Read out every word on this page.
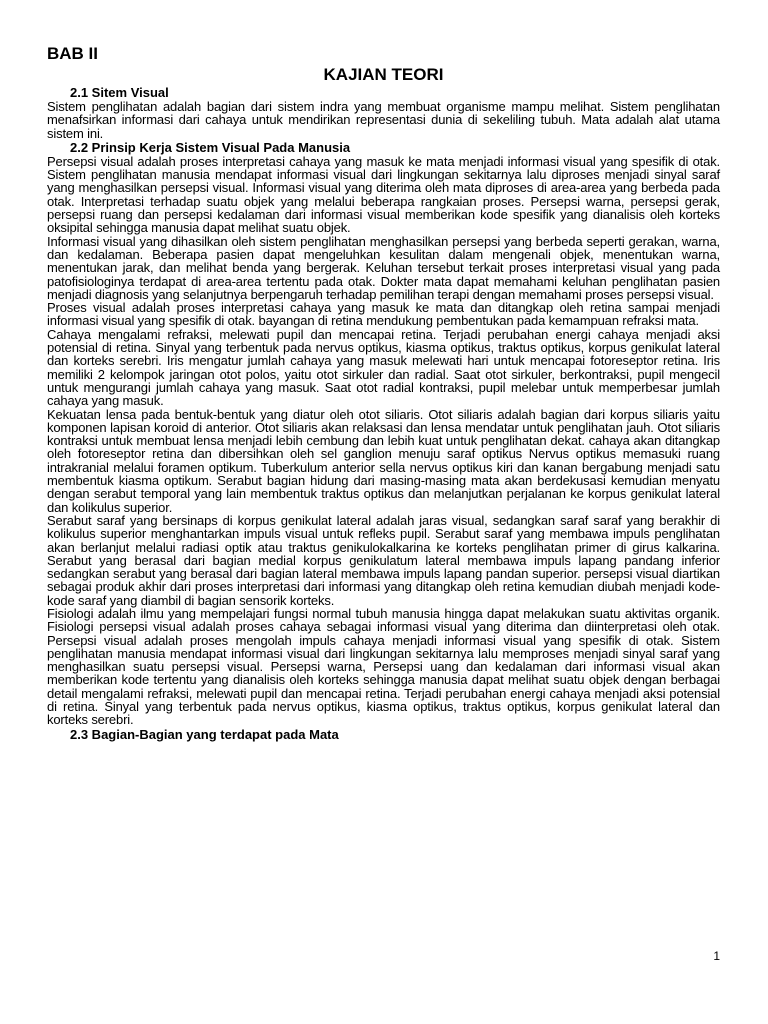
BAB II
KAJIAN TEORI
2.1 Sitem Visual

Sistem penglihatan adalah bagian dari sistem indra yang membuat organisme mampu melihat. Sistem penglihatan menafsirkan informasi dari cahaya untuk mendirikan representasi dunia di sekeliling tubuh. Mata adalah alat utama sistem ini.

2.2 Prinsip Kerja Sistem Visual Pada Manusia

Persepsi visual adalah proses interpretasi cahaya yang masuk ke mata menjadi informasi visual yang spesifik di otak. Sistem penglihatan manusia mendapat informasi visual dari lingkungan sekitarnya lalu diproses menjadi sinyal saraf yang menghasilkan persepsi visual. Informasi visual yang diterima oleh mata diproses di area-area yang berbeda pada otak. Interpretasi terhadap suatu objek yang melalui beberapa rangkaian proses. Persepsi warna, persepsi gerak, persepsi ruang dan persepsi kedalaman dari informasi visual memberikan kode spesifik yang dianalisis oleh korteks oksipital sehingga manusia dapat melihat suatu objek.

Informasi visual yang dihasilkan oleh sistem penglihatan menghasilkan persepsi yang berbeda seperti gerakan, warna, dan kedalaman. Beberapa pasien dapat mengeluhkan kesulitan dalam mengenali objek, menentukan warna, menentukan jarak, dan melihat benda yang bergerak. Keluhan tersebut terkait proses interpretasi visual yang pada patofisiologinya terdapat di area-area tertentu pada otak. Dokter mata dapat memahami keluhan penglihatan pasien menjadi diagnosis yang selanjutnya berpengaruh terhadap pemilihan terapi dengan memahami proses persepsi visual.

Proses visual adalah proses interpretasi cahaya yang masuk ke mata dan ditangkap oleh retina sampai menjadi informasi visual yang spesifik di otak. bayangan di retina mendukung pembentukan pada kemampuan refraksi mata.

Cahaya mengalami refraksi, melewati pupil dan mencapai retina. Terjadi perubahan energi cahaya menjadi aksi potensial di retina. Sinyal yang terbentuk pada nervus optikus, kiasma optikus, traktus optikus, korpus genikulat lateral dan korteks serebri. Iris mengatur jumlah cahaya yang masuk melewati hari untuk mencapai fotoreseptor retina. Iris memiliki 2 kelompok jaringan otot polos, yaitu otot sirkuler dan radial. Saat otot sirkuler, berkontraksi, pupil mengecil untuk mengurangi jumlah cahaya yang masuk. Saat otot radial kontraksi, pupil melebar untuk memperbesar jumlah cahaya yang masuk.

Kekuatan lensa pada bentuk-bentuk yang diatur oleh otot siliaris. Otot siliaris adalah bagian dari korpus siliaris yaitu komponen lapisan koroid di anterior. Otot siliaris akan relaksasi dan lensa mendatar untuk penglihatan jauh. Otot siliaris kontraksi untuk membuat lensa menjadi lebih cembung dan lebih kuat untuk penglihatan dekat. cahaya akan ditangkap oleh fotoreseptor retina dan dibersihkan oleh sel ganglion menuju saraf optikus Nervus optikus memasuki ruang intrakranial melalui foramen optikum. Tuberkulum anterior sella nervus optikus kiri dan kanan bergabung menjadi satu membentuk kiasma optikum. Serabut bagian hidung dari masing-masing mata akan berdekusasi kemudian menyatu dengan serabut temporal yang lain membentuk traktus optikus dan melanjutkan perjalanan ke korpus genikulat lateral dan kolikulus superior.

Serabut saraf yang bersinaps di korpus genikulat lateral adalah jaras visual, sedangkan saraf saraf yang berakhir di kolikulus superior menghantarkan impuls visual untuk refleks pupil. Serabut saraf yang membawa impuls penglihatan akan berlanjut melalui radiasi optik atau traktus genikulokalkarina ke korteks penglihatan primer di girus kalkarina. Serabut yang berasal dari bagian medial korpus genikulatum lateral membawa impuls lapang pandang inferior sedangkan serabut yang berasal dari bagian lateral membawa impuls lapang pandan superior. persepsi visual diartikan sebagai produk akhir dari proses interpretasi dari informasi yang ditangkap oleh retina kemudian diubah menjadi kode-kode saraf yang diambil di bagian sensorik korteks.

Fisiologi adalah ilmu yang mempelajari fungsi normal tubuh manusia hingga dapat melakukan suatu aktivitas organik. Fisiologi persepsi visual adalah proses cahaya sebagai informasi visual yang diterima dan diinterpretasi oleh otak. Persepsi visual adalah proses mengolah impuls cahaya menjadi informasi visual yang spesifik di otak. Sistem penglihatan manusia mendapat informasi visual dari lingkungan sekitarnya lalu memproses menjadi sinyal saraf yang menghasilkan suatu persepsi visual. Persepsi warna, Persepsi uang dan kedalaman dari informasi visual akan memberikan kode tertentu yang dianalisis oleh korteks sehingga manusia dapat melihat suatu objek dengan berbagai detail mengalami refraksi, melewati pupil dan mencapai retina. Terjadi perubahan energi cahaya menjadi aksi potensial di retina. Sinyal yang terbentuk pada nervus optikus, kiasma optikus, traktus optikus, korpus genikulat lateral dan korteks serebri.

2.3 Bagian-Bagian yang terdapat pada Mata
1
